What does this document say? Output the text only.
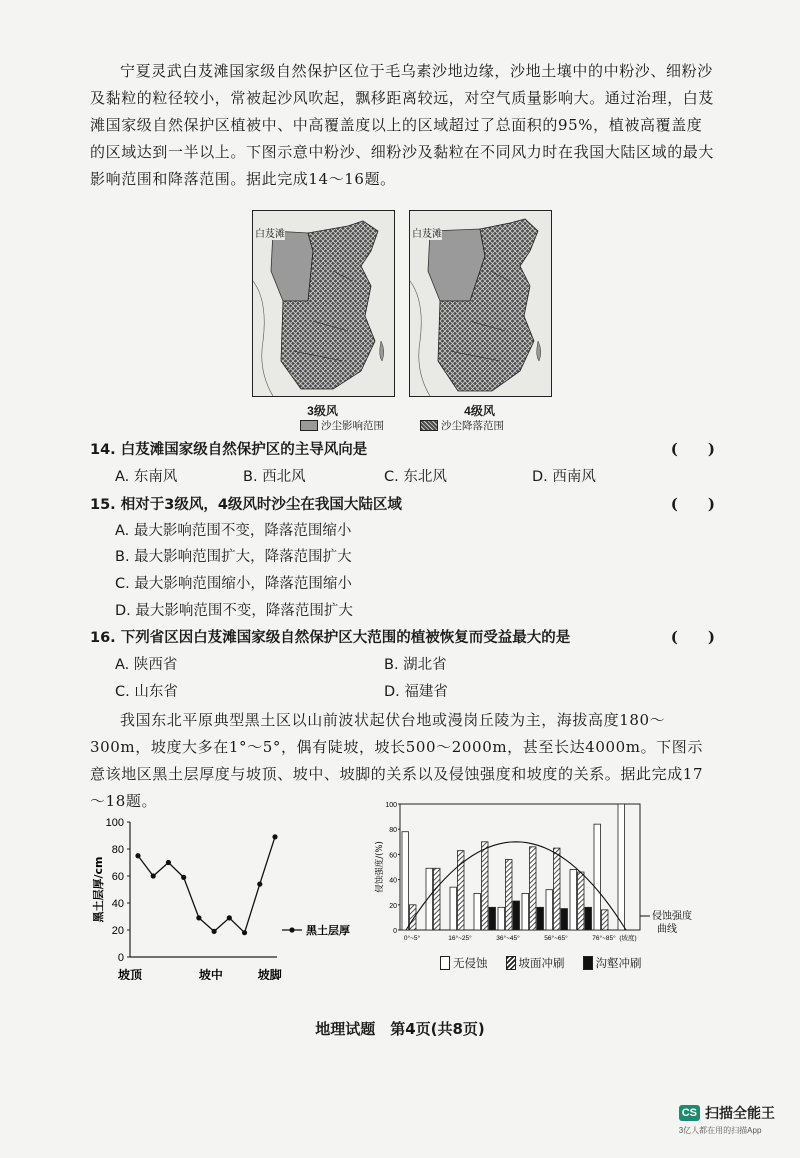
宁夏灵武白芨滩国家级自然保护区位于毛乌素沙地边缘，沙地土壤中的中粉沙、细粉沙及黏粒的粒径较小，常被起沙风吹起，飘移距离较远，对空气质量影响大。通过治理，白芨滩国家级自然保护区植被中、中高覆盖度以上的区域超过了总面积的95%，植被高覆盖度的区域达到一半以上。下图示意中粉沙、细粉沙及黏粒在不同风力时在我国大陆区域的最大影响范围和降落范围。据此完成14～16题。

白芨滩	白芨滩
3级风	4级风
沙尘影响范围	沙尘降落范围
14. 白芨滩国家级自然保护区的主导风向是	(　　)
A. 东南风	B. 西北风	C. 东北风	D. 西南风
15. 相对于3级风，4级风时沙尘在我国大陆区域	(　　)
A. 最大影响范围不变，降落范围缩小
B. 最大影响范围扩大，降落范围扩大
C. 最大影响范围缩小，降落范围缩小
D. 最大影响范围不变，降落范围扩大
16. 下列省区因白芨滩国家级自然保护区大范围的植被恢复而受益最大的是	(　　)
A. 陕西省	B. 湖北省
C. 山东省	D. 福建省

我国东北平原典型黑土区以山前波状起伏台地或漫岗丘陵为主，海拔高度180～300m，坡度大多在1°～5°，偶有陡坡，坡长500～2000m，甚至长达4000m。下图示意该地区黑土层厚度与坡顶、坡中、坡脚的关系以及侵蚀强度和坡度的关系。据此完成17～18题。

0
20
40
60
80
100
黑土层厚/cm
坡顶	坡中	坡脚
黑土层厚	0
20
40
60
80
100
侵蚀强度/(%)
0°~5°	16°~25°	36°~45°	56°~65°	76°~85° (坡度)
侵蚀强度
曲线
无侵蚀	坡面冲刷	沟壑冲刷
地理试题　第4页(共8页)
CS 扫描全能王
3亿人都在用的扫描App
